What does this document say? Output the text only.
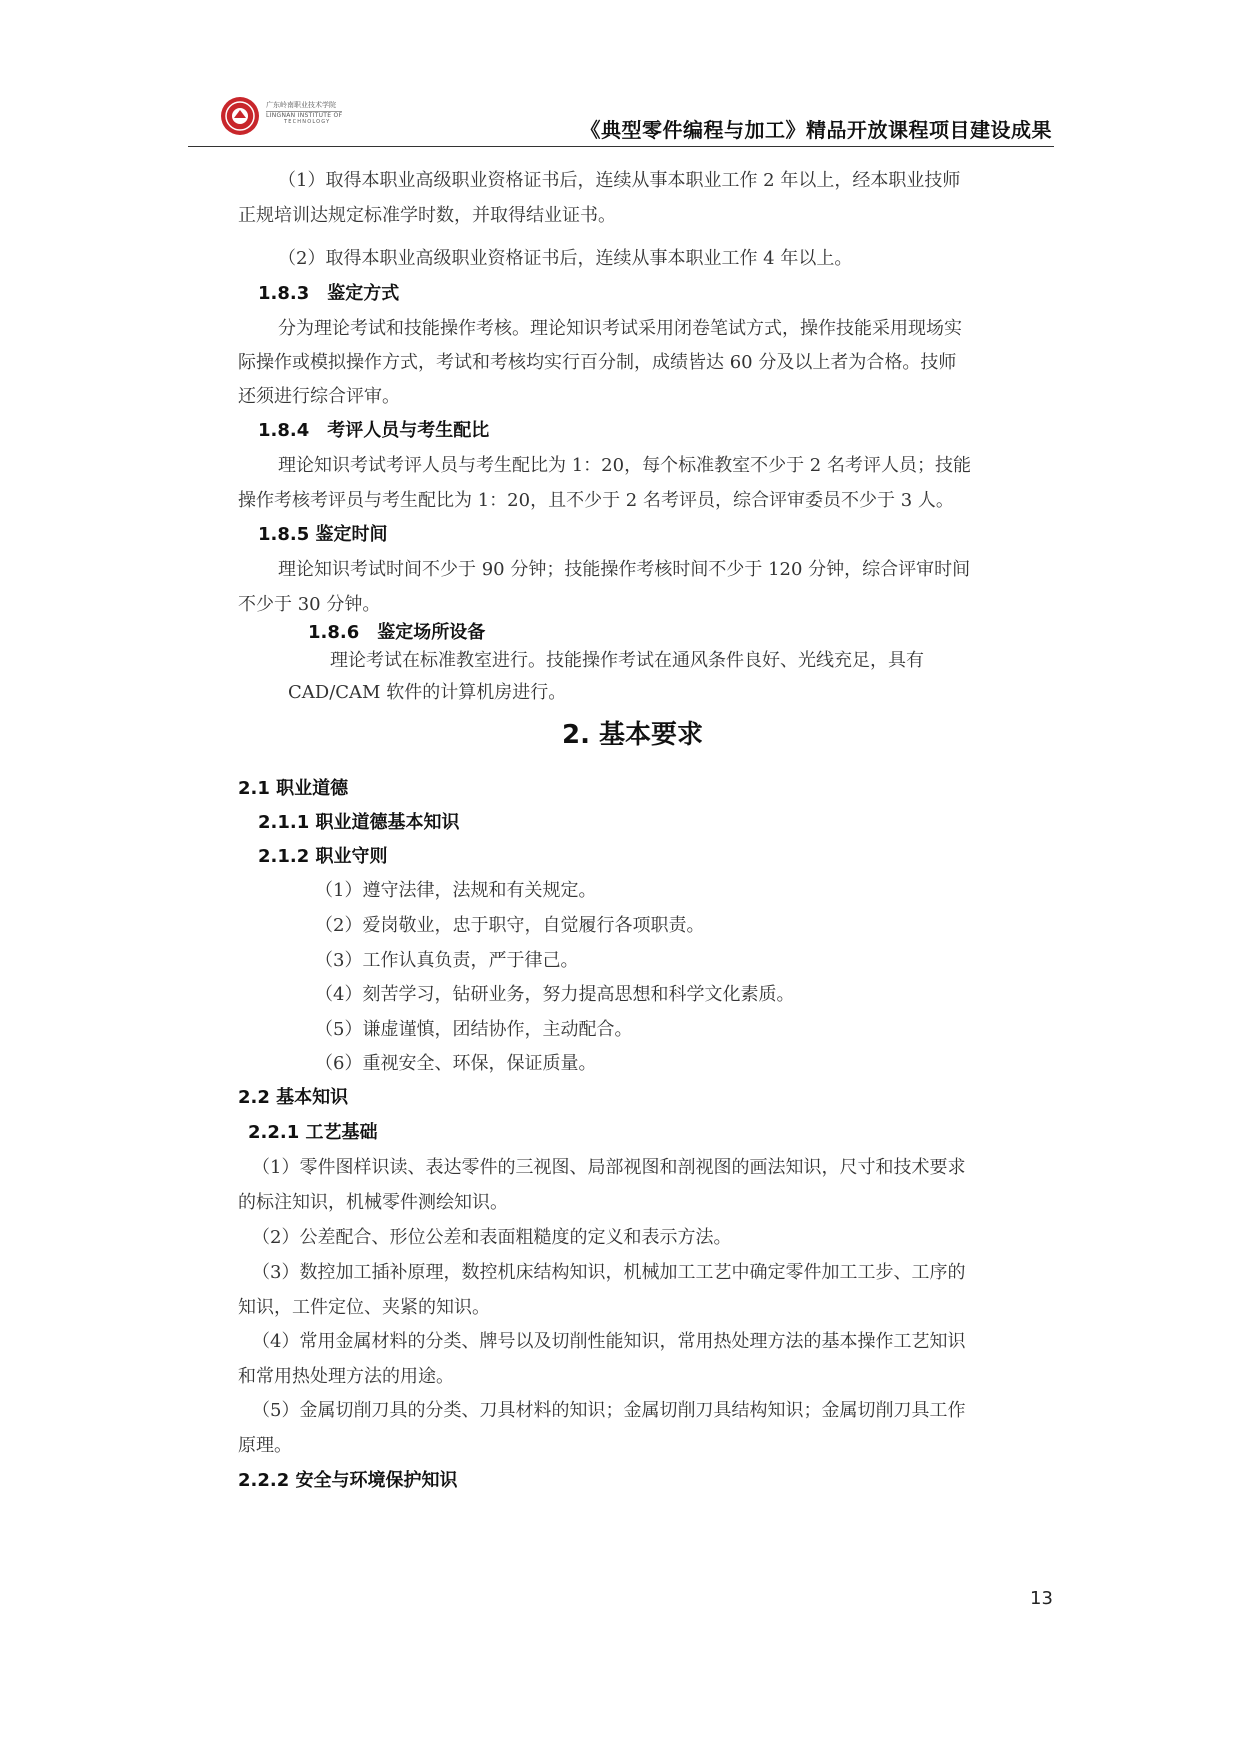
广东岭南职业技术学院
LINGNAN INSTITUTE OF
TECHNOLOGY	《典型零件编程与加工》精品开放课程项目建设成果
（1）取得本职业高级职业资格证书后，连续从事本职业工作 2 年以上，经本职业技师
正规培训达规定标准学时数，并取得结业证书。
（2）取得本职业高级职业资格证书后，连续从事本职业工作 4 年以上。
1.8.3　鉴定方式
分为理论考试和技能操作考核。理论知识考试采用闭卷笔试方式，操作技能采用现场实
际操作或模拟操作方式，考试和考核均实行百分制，成绩皆达 60 分及以上者为合格。技师
还须进行综合评审。
1.8.4　考评人员与考生配比
理论知识考试考评人员与考生配比为 1：20，每个标准教室不少于 2 名考评人员；技能
操作考核考评员与考生配比为 1：20，且不少于 2 名考评员，综合评审委员不少于 3 人。
1.8.5 鉴定时间
理论知识考试时间不少于 90 分钟；技能操作考核时间不少于 120 分钟，综合评审时间
不少于 30 分钟。
1.8.6　鉴定场所设备
理论考试在标准教室进行。技能操作考试在通风条件良好、光线充足，具有
CAD/CAM 软件的计算机房进行。
2. 基本要求
2.1 职业道德
2.1.1 职业道德基本知识
2.1.2 职业守则
（1）遵守法律，法规和有关规定。
（2）爱岗敬业，忠于职守，自觉履行各项职责。
（3）工作认真负责，严于律己。
（4）刻苦学习，钻研业务，努力提高思想和科学文化素质。
（5）谦虚谨慎，团结协作，主动配合。
（6）重视安全、环保，保证质量。
2.2 基本知识
2.2.1 工艺基础
（1）零件图样识读、表达零件的三视图、局部视图和剖视图的画法知识，尺寸和技术要求
的标注知识，机械零件测绘知识。
（2）公差配合、形位公差和表面粗糙度的定义和表示方法。
（3）数控加工插补原理，数控机床结构知识，机械加工工艺中确定零件加工工步、工序的
知识，工件定位、夹紧的知识。
（4）常用金属材料的分类、牌号以及切削性能知识，常用热处理方法的基本操作工艺知识
和常用热处理方法的用途。
（5）金属切削刀具的分类、刀具材料的知识；金属切削刀具结构知识；金属切削刀具工作
原理。
2.2.2 安全与环境保护知识
13
